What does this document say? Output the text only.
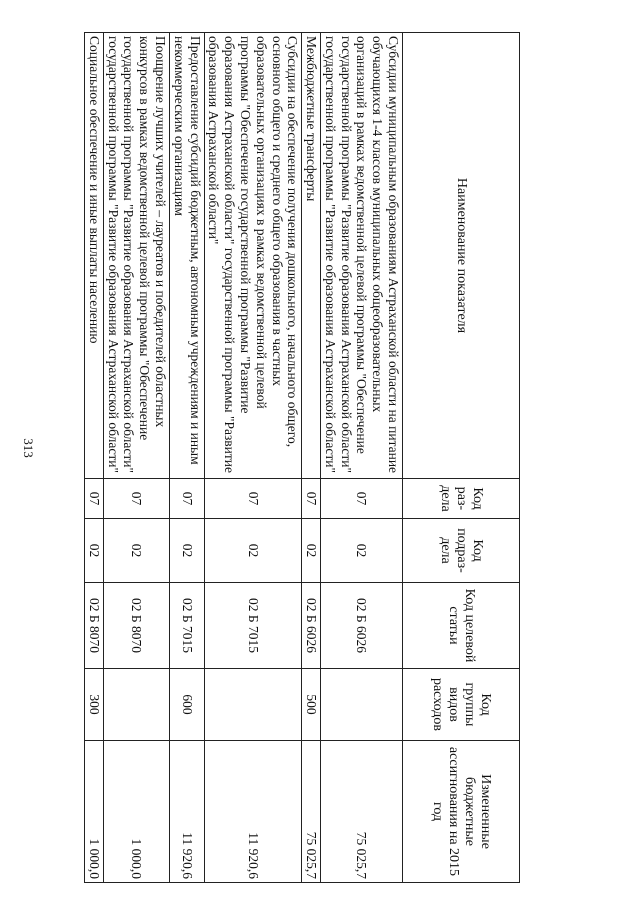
313
Наименование показателя	Код раз- дела	Код подраз- дела	Код целевой статьи	Код группы видов расходов	Измененные бюджетные ассигнования на 2015 год
Субсидии муниципальным образованиям Астраханской области на питание обучающихся 1-4 классов муниципальных общеобразовательных организаций в рамках ведомственной целевой программы "Обеспечение государственной программы "Развитие образования Астраханской области" государственной программы "Развитие образования Астраханской области"	07	02	02 Б 6026		75 025,7
Межбюджетные трансферты	07	02	02 Б 6026	500	75 025,7
Субсидии на обеспечение получения дошкольного, начального общего, основного общего и среднего общего образования в частных образовательных организациях в рамках ведомственной целевой программы "Обеспечение государственной программы "Развитие образования Астраханской области" государственной программы "Развитие образования Астраханской области"	07	02	02 Б 7015		11 920,6
Предоставление субсидий бюджетным, автономным учреждениям и иным некоммерческим организациям	07	02	02 Б 7015	600	11 920,6
Поощрение лучших учителей – лауреатов и победителей областных конкурсов в рамках ведомственной целевой программы "Обеспечение государственной программы "Развитие образования Астраханской области" государственной программы "Развитие образования Астраханской области"	07	02	02 Б 8070		1 000,0
Социальное обеспечение и иные выплаты населению	07	02	02 Б 8070	300	1 000,0
